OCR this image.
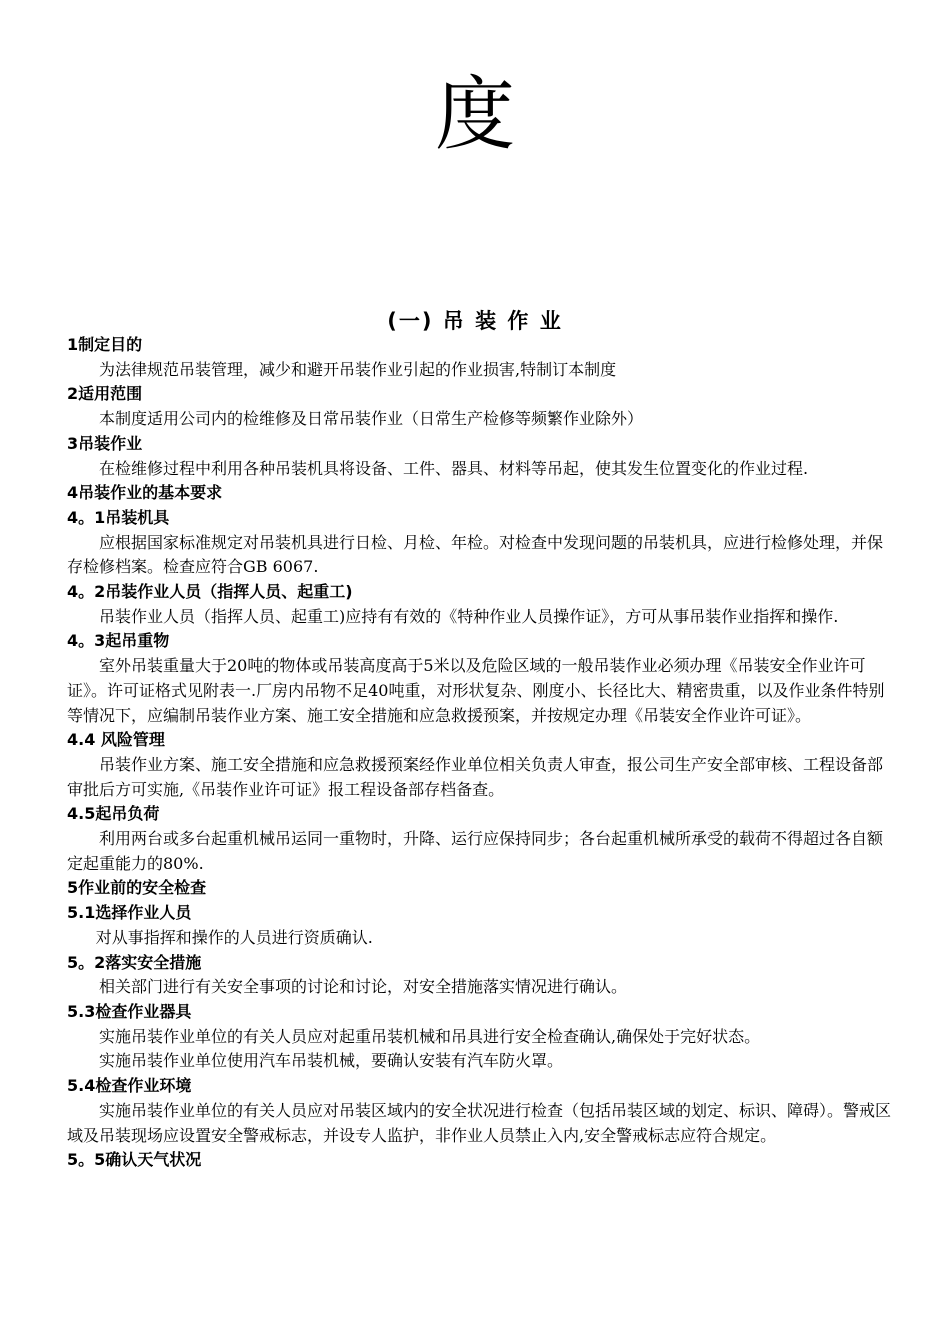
度
(一) 吊 装 作 业
1制定目的
为法律规范吊装管理，减少和避开吊装作业引起的作业损害,特制订本制度
2适用范围
本制度适用公司内的检维修及日常吊装作业（日常生产检修等频繁作业除外）
3吊装作业
在检维修过程中利用各种吊装机具将设备、工件、器具、材料等吊起，使其发生位置变化的作业过程.
4吊装作业的基本要求
4。1吊装机具
应根据国家标准规定对吊装机具进行日检、月检、年检。对检查中发现问题的吊装机具，应进行检修处理，并保存检修档案。检查应符合GB 6067.
4。2吊装作业人员（指挥人员、起重工)
吊装作业人员（指挥人员、起重工)应持有有效的《特种作业人员操作证》，方可从事吊装作业指挥和操作.
4。3起吊重物
室外吊装重量大于20吨的物体或吊装高度高于5米以及危险区域的一般吊装作业必须办理《吊装安全作业许可证》。许可证格式见附表一.厂房内吊物不足40吨重，对形状复杂、刚度小、长径比大、精密贵重，以及作业条件特别等情况下，应编制吊装作业方案、施工安全措施和应急救援预案，并按规定办理《吊装安全作业许可证》。
4.4 风险管理
吊装作业方案、施工安全措施和应急救援预案经作业单位相关负责人审查，报公司生产安全部审核、工程设备部审批后方可实施,《吊装作业许可证》报工程设备部存档备查。
4.5起吊负荷
利用两台或多台起重机械吊运同一重物时，升降、运行应保持同步；各台起重机械所承受的载荷不得超过各自额定起重能力的80%.
5作业前的安全检查
5.1选择作业人员
对从事指挥和操作的人员进行资质确认.
5。2落实安全措施
相关部门进行有关安全事项的讨论和讨论，对安全措施落实情况进行确认。
5.3检查作业器具
实施吊装作业单位的有关人员应对起重吊装机械和吊具进行安全检查确认,确保处于完好状态。
实施吊装作业单位使用汽车吊装机械，要确认安装有汽车防火罩。
5.4检查作业环境
实施吊装作业单位的有关人员应对吊装区域内的安全状况进行检查（包括吊装区域的划定、标识、障碍）。警戒区域及吊装现场应设置安全警戒标志，并设专人监护，非作业人员禁止入内,安全警戒标志应符合规定。
5。5确认天气状况
